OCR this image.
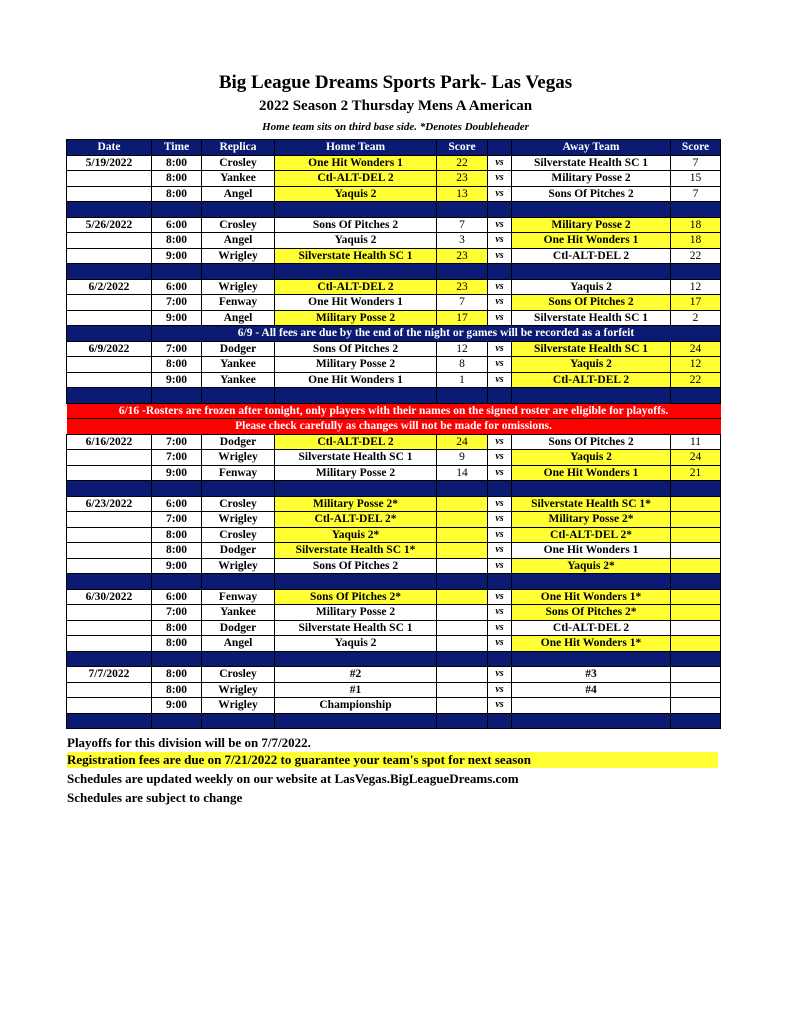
Big League Dreams Sports Park- Las Vegas
2022 Season 2 Thursday Mens A American
Home team sits on third base side. *Denotes Doubleheader
Date	Time	Replica	Home Team	Score		Away Team	Score
5/19/2022	8:00	Crosley	One Hit Wonders 1	22	vs	Silverstate Health SC 1	7
	8:00	Yankee	Ctl-ALT-DEL 2	23	vs	Military Posse 2	15
	8:00	Angel	Yaquis 2	13	vs	Sons Of Pitches 2	7

5/26/2022	6:00	Crosley	Sons Of Pitches 2	7	vs	Military Posse 2	18
	8:00	Angel	Yaquis 2	3	vs	One Hit Wonders 1	18
	9:00	Wrigley	Silverstate Health SC 1	23	vs	Ctl-ALT-DEL 2	22

6/2/2022	6:00	Wrigley	Ctl-ALT-DEL 2	23	vs	Yaquis 2	12
	7:00	Fenway	One Hit Wonders 1	7	vs	Sons Of Pitches 2	17
	9:00	Angel	Military Posse 2	17	vs	Silverstate Health SC 1	2
	6/9 - All fees are due by the end of the night or games will be recorded as a forfeit						
6/9/2022	7:00	Dodger	Sons Of Pitches 2	12	vs	Silverstate Health SC 1	24
	8:00	Yankee	Military Posse 2	8	vs	Yaquis 2	12
	9:00	Yankee	One Hit Wonders 1	1	vs	Ctl-ALT-DEL 2	22

6/16 -Rosters are frozen after tonight, only players with their names on the signed roster are eligible for playoffs.							
Please check carefully as changes will not be made for omissions.							
6/16/2022	7:00	Dodger	Ctl-ALT-DEL 2	24	vs	Sons Of Pitches 2	11
	7:00	Wrigley	Silverstate Health SC 1	9	vs	Yaquis 2	24
	9:00	Fenway	Military Posse 2	14	vs	One Hit Wonders 1	21

6/23/2022	6:00	Crosley	Military Posse 2*		vs	Silverstate Health SC 1*	
	7:00	Wrigley	Ctl-ALT-DEL 2*		vs	Military Posse 2*	
	8:00	Crosley	Yaquis 2*		vs	Ctl-ALT-DEL 2*	
	8:00	Dodger	Silverstate Health SC 1*		vs	One Hit Wonders 1	
	9:00	Wrigley	Sons Of Pitches 2		vs	Yaquis 2*	

6/30/2022	6:00	Fenway	Sons Of Pitches 2*		vs	One Hit Wonders 1*	
	7:00	Yankee	Military Posse 2		vs	Sons Of Pitches 2*	
	8:00	Dodger	Silverstate Health SC 1		vs	Ctl-ALT-DEL 2	
	8:00	Angel	Yaquis 2		vs	One Hit Wonders 1*	

7/7/2022	8:00	Crosley	#2		vs	#3	
	8:00	Wrigley	#1		vs	#4	
	9:00	Wrigley	Championship		vs		

Playoffs for this division will be on 7/7/2022.
Registration fees are due on 7/21/2022 to guarantee your team's spot for next season
Schedules are updated weekly on our website at LasVegas.BigLeagueDreams.com
Schedules are subject to change
